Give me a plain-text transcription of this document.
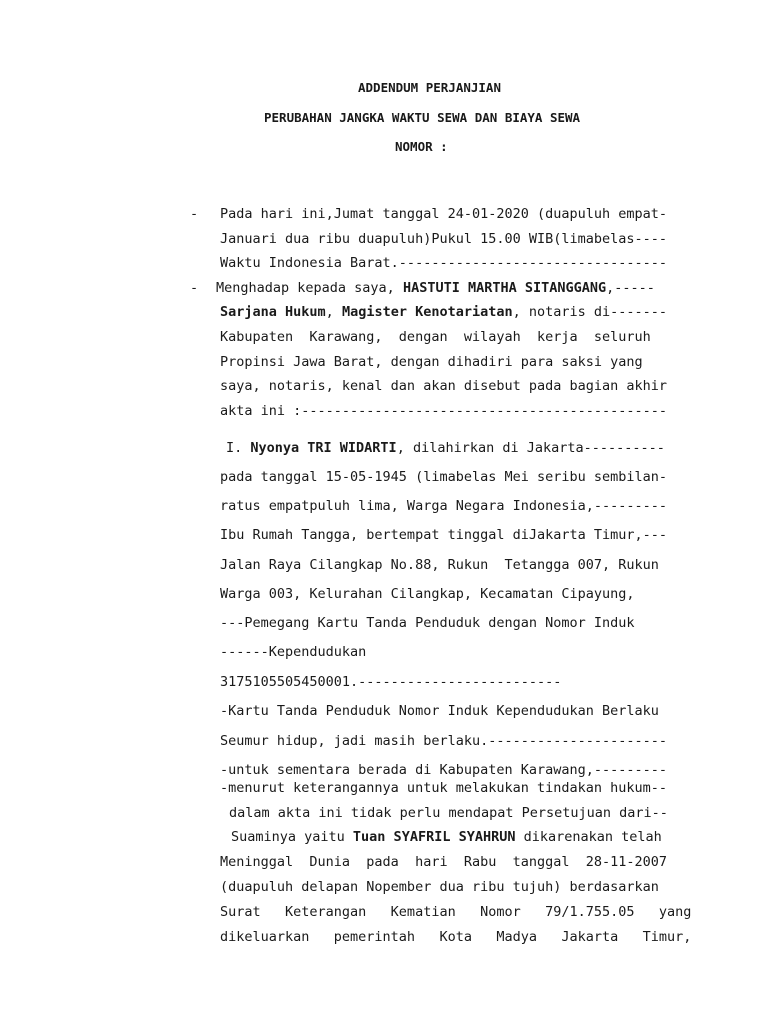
ADDENDUM PERJANJIAN
PERUBAHAN JANGKA WAKTU SEWA DAN BIAYA SEWA
NOMOR :
- Pada hari ini,Jumat tanggal 24-01-2020 (duapuluh empat-
Januari dua ribu duapuluh)Pukul 15.00 WIB(limabelas----
Waktu Indonesia Barat.---------------------------------
- Menghadap kepada saya, HASTUTI MARTHA SITANGGANG,-----
Sarjana Hukum, Magister Kenotariatan, notaris di-------
Kabupaten  Karawang,  dengan  wilayah  kerja  seluruh
Propinsi Jawa Barat, dengan dihadiri para saksi yang
saya, notaris, kenal dan akan disebut pada bagian akhir
akta ini :---------------------------------------------
I. Nyonya TRI WIDARTI, dilahirkan di Jakarta----------
pada tanggal 15-05-1945 (limabelas Mei seribu sembilan-
ratus empatpuluh lima, Warga Negara Indonesia,---------
Ibu Rumah Tangga, bertempat tinggal diJakarta Timur,---
Jalan Raya Cilangkap No.88, Rukun  Tetangga 007, Rukun
Warga 003, Kelurahan Cilangkap, Kecamatan Cipayung,
---Pemegang Kartu Tanda Penduduk dengan Nomor Induk
------Kependudukan
3175105505450001.-------------------------
-Kartu Tanda Penduduk Nomor Induk Kependudukan Berlaku
Seumur hidup, jadi masih berlaku.----------------------
-untuk sementara berada di Kabupaten Karawang,---------
-menurut keterangannya untuk melakukan tindakan hukum--
dalam akta ini tidak perlu mendapat Persetujuan dari--
Suaminya yaitu Tuan SYAFRIL SYAHRUN dikarenakan telah
Meninggal  Dunia  pada  hari  Rabu  tanggal  28-11-2007
(duapuluh delapan Nopember dua ribu tujuh) berdasarkan
Surat   Keterangan   Kematian   Nomor   79/1.755.05   yang
dikeluarkan   pemerintah   Kota   Madya   Jakarta   Timur,
